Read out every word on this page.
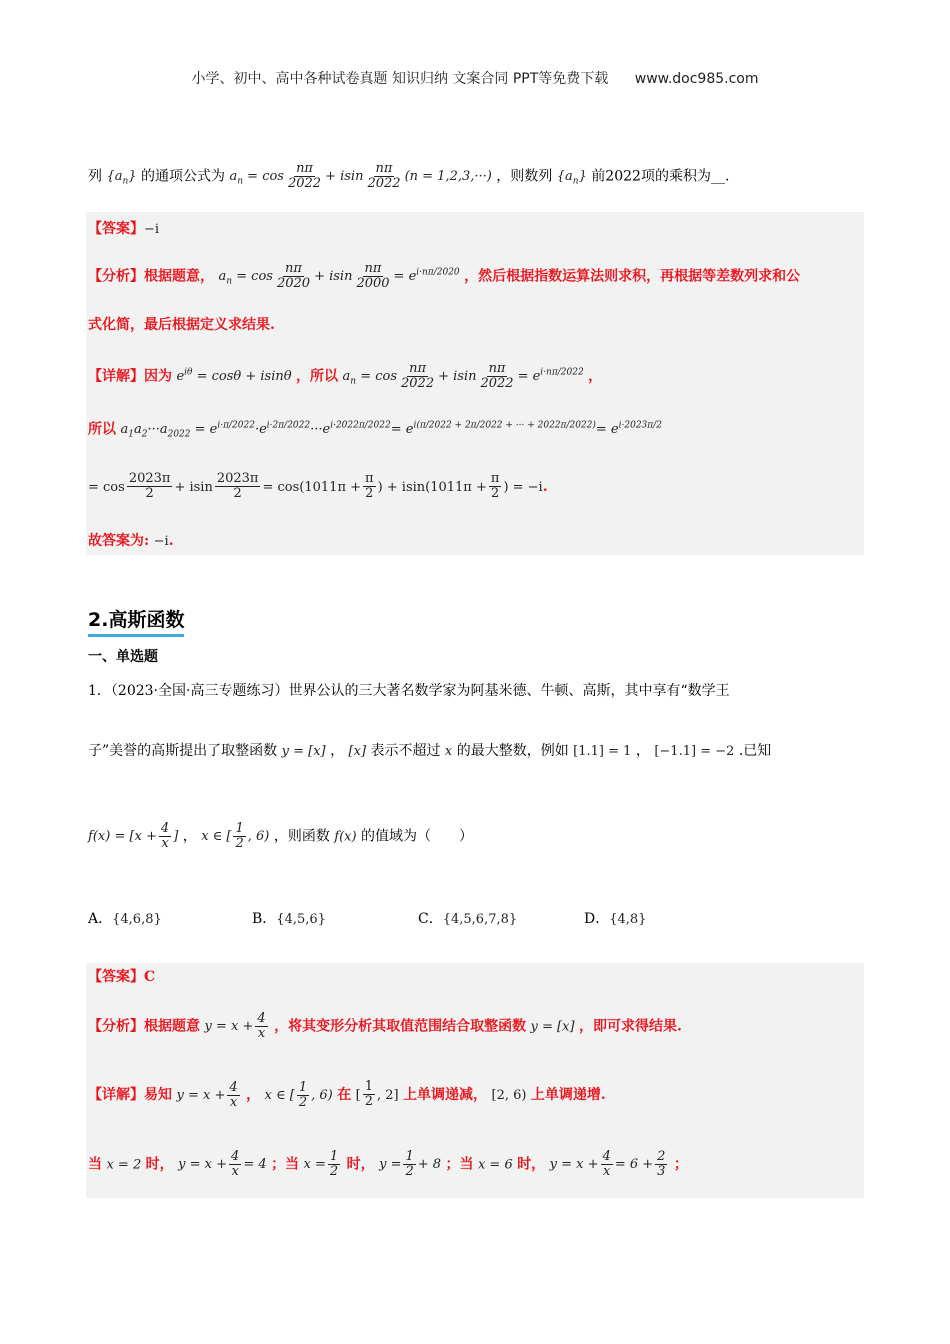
小学、初中、高中各种试卷真题 知识归纳 文案合同 PPT等免费下载 www.doc985.com
列 $\{a_n\}$ 的通项公式为 $a_n = \cos \frac{n\pi}{2022} + isin \frac{n\pi}{2022} (n = 1,2,3,\cdot\cdot\cdot)$ ，则数列 $\{a_n\}$ 前2022项的乘积为__.
【答案】−i
【分析】根据题意， $a_n = \cos \frac{n\pi}{2020} + isin \frac{n\pi}{2000} = e^{i\cdot n\pi/2020}$ ，然后根据指数运算法则求积，再根据等差数列求和公
式化简，最后根据定义求结果.
【详解】因为 $e^{i\theta} = \cos\theta + isin\theta$ ，所以 $a_n = \cos \frac{n\pi}{2022} + isin \frac{n\pi}{2022} = e^{i\cdot n\pi/2022}$ ，
所以 $a_1a_2\cdot\cdot\cdot a_{2022} = e^{i\cdot\pi/2022}\cdot e^{i\cdot 2\pi/2022}\cdot\cdot\cdot e^{i\cdot 2022\pi/2022}= e^{i(\pi/2022 + 2\pi/2022 + \cdot\cdot\cdot + 2022\pi/2022)}= e^{i\cdot 2023\pi/2}$
= $\cos \frac{2023\pi}{2} + isin \frac{2023\pi}{2} = \cos(1011\pi + \frac{\pi}{2}$ ) + $isin(1011\pi + \frac{\pi}{2}$ ) = −i.
故答案为: −i.
2.高斯函数
一、单选题
1．（2023·全国·高三专题练习）世界公认的三大著名数学家为阿基米德、牛顿、高斯，其中享有“数学王
子”美誉的高斯提出了取整函数 y = [x] ， [x] 表示不超过 x 的最大整数，例如 [1.1] = 1 ， [−1.1] = −2 .已知
$f(x) = [x + \frac{4}{x}$ ] ， x ∈ [ $\frac{1}{2}$ , 6) ，则函数 f(x) 的值域为（　　）
A．{4,6,8}	B．{4,5,6}	C．{4,5,6,7,8}	D．{4,8}
【答案】C
【分析】根据题意 $y = x + \frac{4}{x}$ ，将其变形分析其取值范围结合取整函数 y = [x] ，即可求得结果.
【详解】易知 $y = x + \frac{4}{x}$ ， x ∈ [ $\frac{1}{2}$ , 6) 在 [ $\frac{1}{2}$ , 2] 上单调递减， [2, 6) 上单调递增.
当 x = 2 时， $y = x + \frac{4}{x} = 4$ ；当 $x = \frac{1}{2}$ 时， $y = \frac{1}{2} + 8$ ；当 x = 6 时， $y = x + \frac{4}{x} = 6 + \frac{2}{3}$ ；
